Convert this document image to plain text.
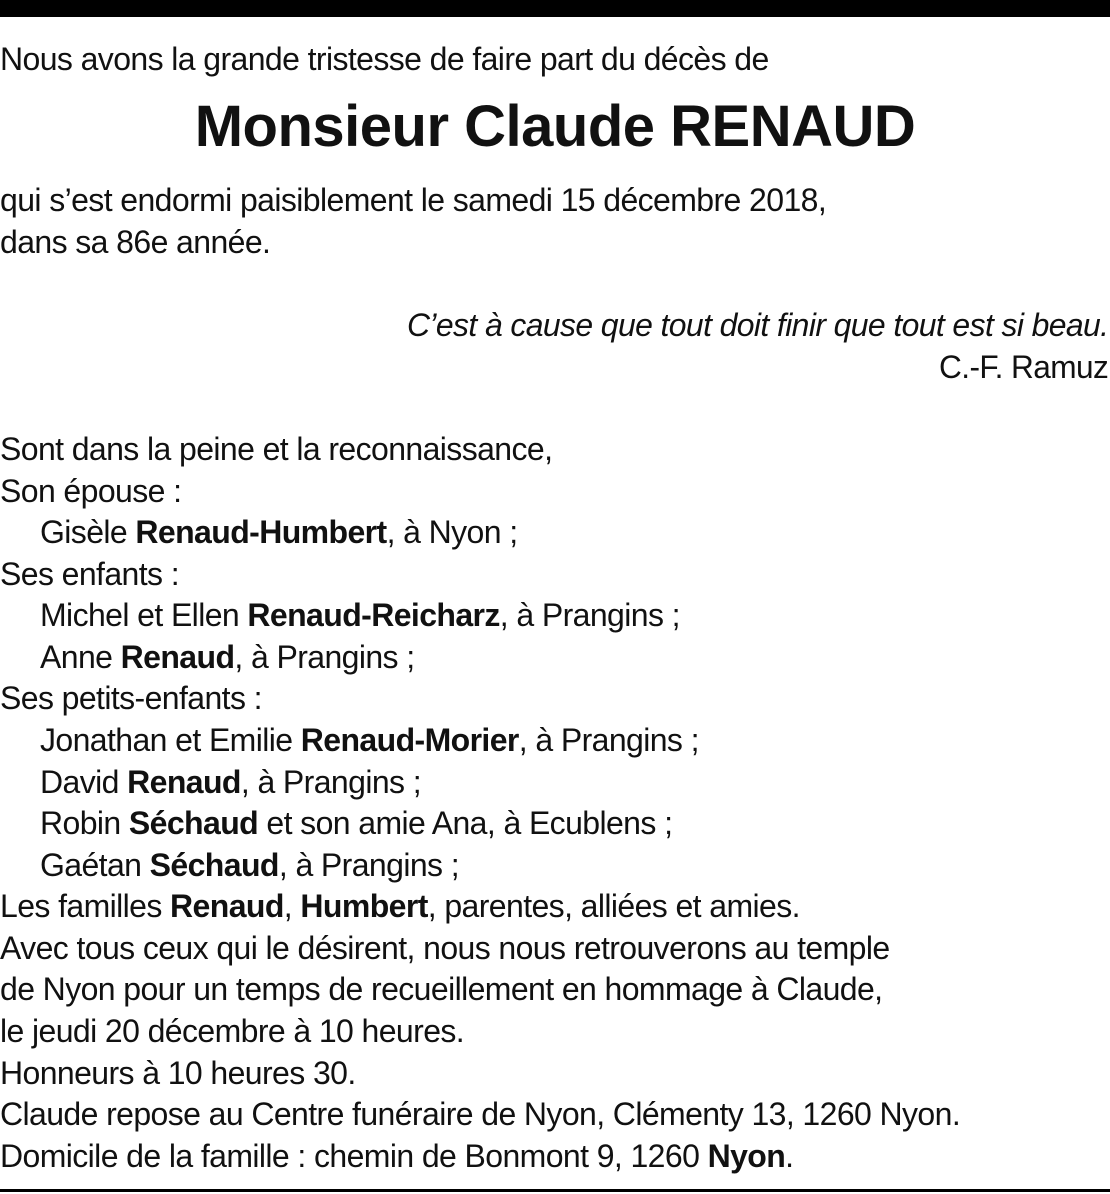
Nous avons la grande tristesse de faire part du décès de
Monsieur Claude RENAUD
qui s’est endormi paisiblement le samedi 15 décembre 2018,
dans sa 86e année.
C’est à cause que tout doit finir que tout est si beau.
C.-F. Ramuz
Sont dans la peine et la reconnaissance,
Son épouse :
Gisèle Renaud-Humbert, à Nyon ;
Ses enfants :
Michel et Ellen Renaud-Reicharz, à Prangins ;
Anne Renaud, à Prangins ;
Ses petits-enfants :
Jonathan et Emilie Renaud-Morier, à Prangins ;
David Renaud, à Prangins ;
Robin Séchaud et son amie Ana, à Ecublens ;
Gaétan Séchaud, à Prangins ;
Les familles Renaud, Humbert, parentes, alliées et amies.
Avec tous ceux qui le désirent, nous nous retrouverons au temple
de Nyon pour un temps de recueillement en hommage à Claude,
le jeudi 20 décembre à 10 heures.
Honneurs à 10 heures 30.
Claude repose au Centre funéraire de Nyon, Clémenty 13, 1260 Nyon.
Domicile de la famille : chemin de Bonmont 9, 1260 Nyon.
